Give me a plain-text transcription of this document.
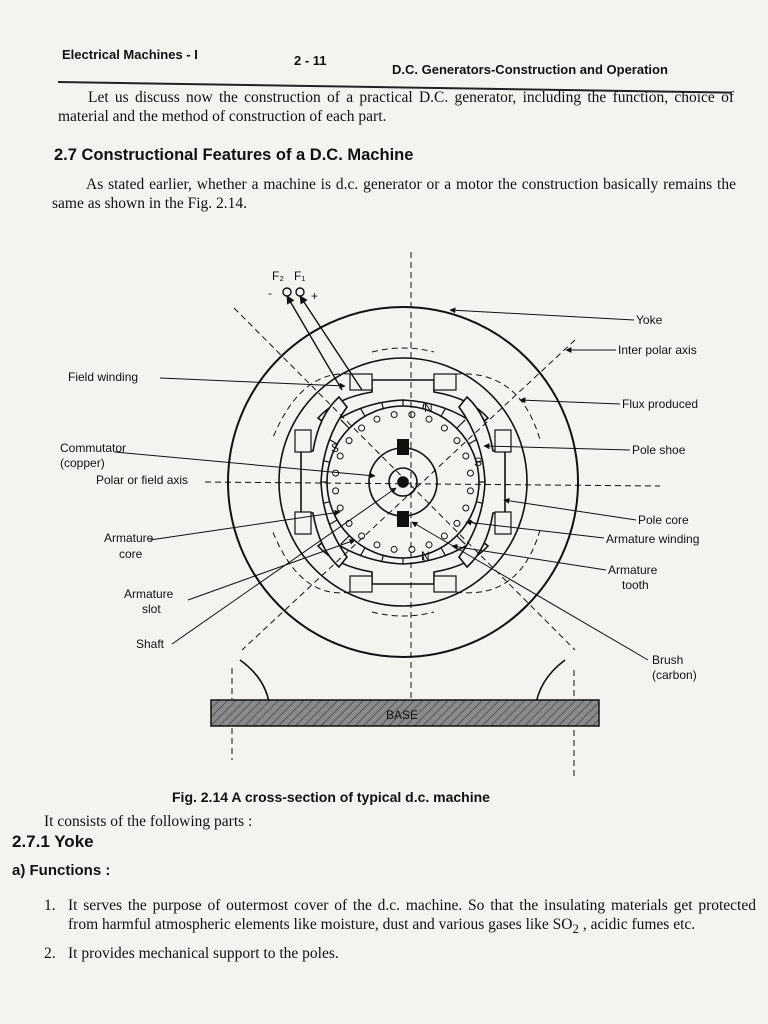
Electrical Machines - I	2 - 11
D.C. Generators-Construction and Operation
Let us discuss now the construction of a practical D.C. generator, including the function, choice of material and the method of construction of each part.
2.7 Constructional Features of a D.C. Machine
As stated earlier, whether a machine is d.c. generator or a motor the construction basically remains the same as shown in the Fig. 2.14.
BASE
F₂ F₁
-	+
N
N
S
S
Field winding
Commutator
(copper)
Polar or field axis
Armature
core
Armature
slot
Shaft
Yoke
Inter polar axis
Flux produced
Pole shoe
Pole core
Armature winding
Armature
tooth
Brush
(carbon)
Fig. 2.14 A cross-section of typical d.c. machine
It consists of the following parts :
2.7.1 Yoke
a) Functions :
1. It serves the purpose of outermost cover of the d.c. machine. So that the insulating materials get protected from harmful atmospheric elements like moisture, dust and various gases like $SO_2$ , acidic fumes etc.
2. It provides mechanical support to the poles.
